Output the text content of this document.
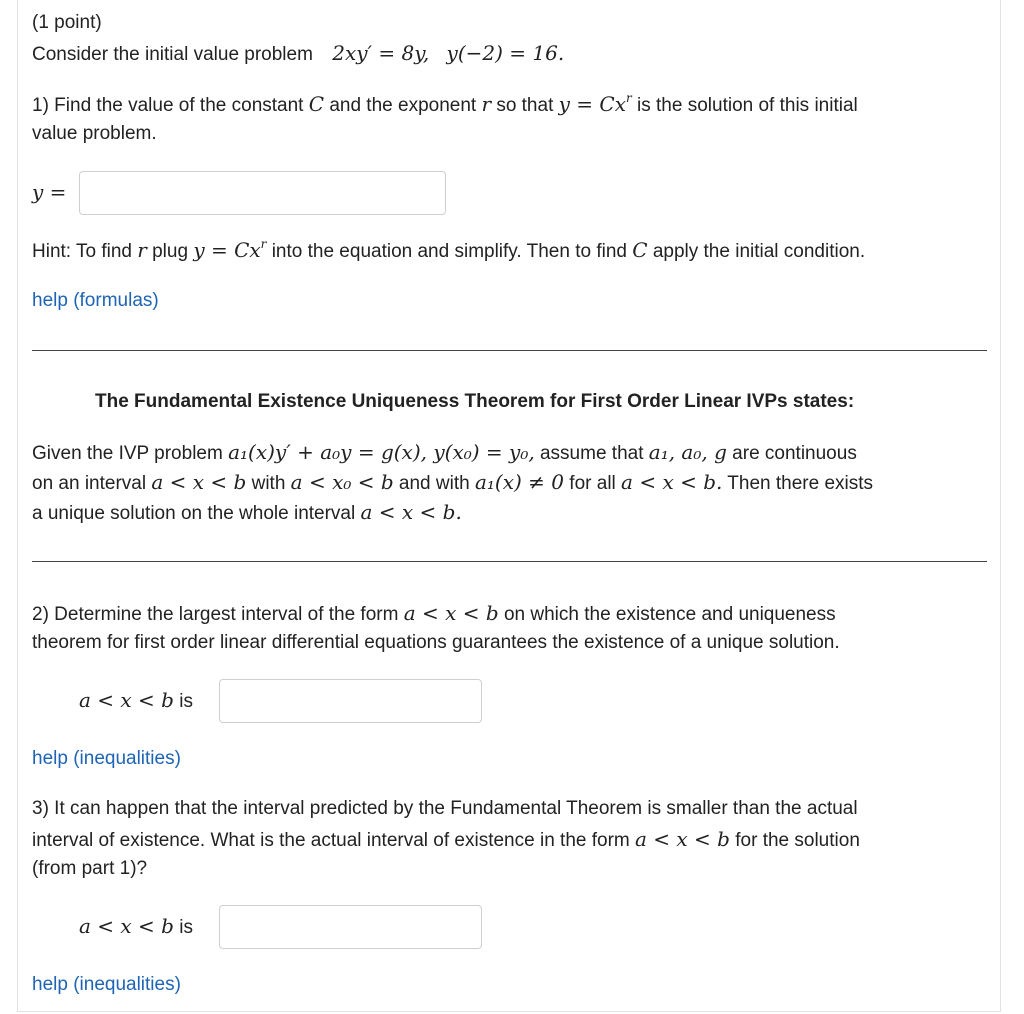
(1 point)
Consider the initial value problem 2xy′ = 8y, y(−2) = 16.
1) Find the value of the constant C and the exponent r so that $y = Cx^r$ is the solution of this initial
value problem.
y =
Hint: To find r plug $y = Cx^r$ into the equation and simplify. Then to find C apply the initial condition.
help (formulas)
The Fundamental Existence Uniqueness Theorem for First Order Linear IVPs states:
Given the IVP problem a₁(x)y′ + a₀y = g(x), y(x₀) = y₀, assume that a₁, a₀, g are continuous
on an interval a < x < b with a < x₀ < b and with a₁(x) ≠ 0 for all a < x < b. Then there exists
a unique solution on the whole interval a < x < b.
2) Determine the largest interval of the form a < x < b on which the existence and uniqueness
theorem for first order linear differential equations guarantees the existence of a unique solution.
a < x < b is
help (inequalities)
3) It can happen that the interval predicted by the Fundamental Theorem is smaller than the actual
interval of existence. What is the actual interval of existence in the form a < x < b for the solution
(from part 1)?
a < x < b is
help (inequalities)
